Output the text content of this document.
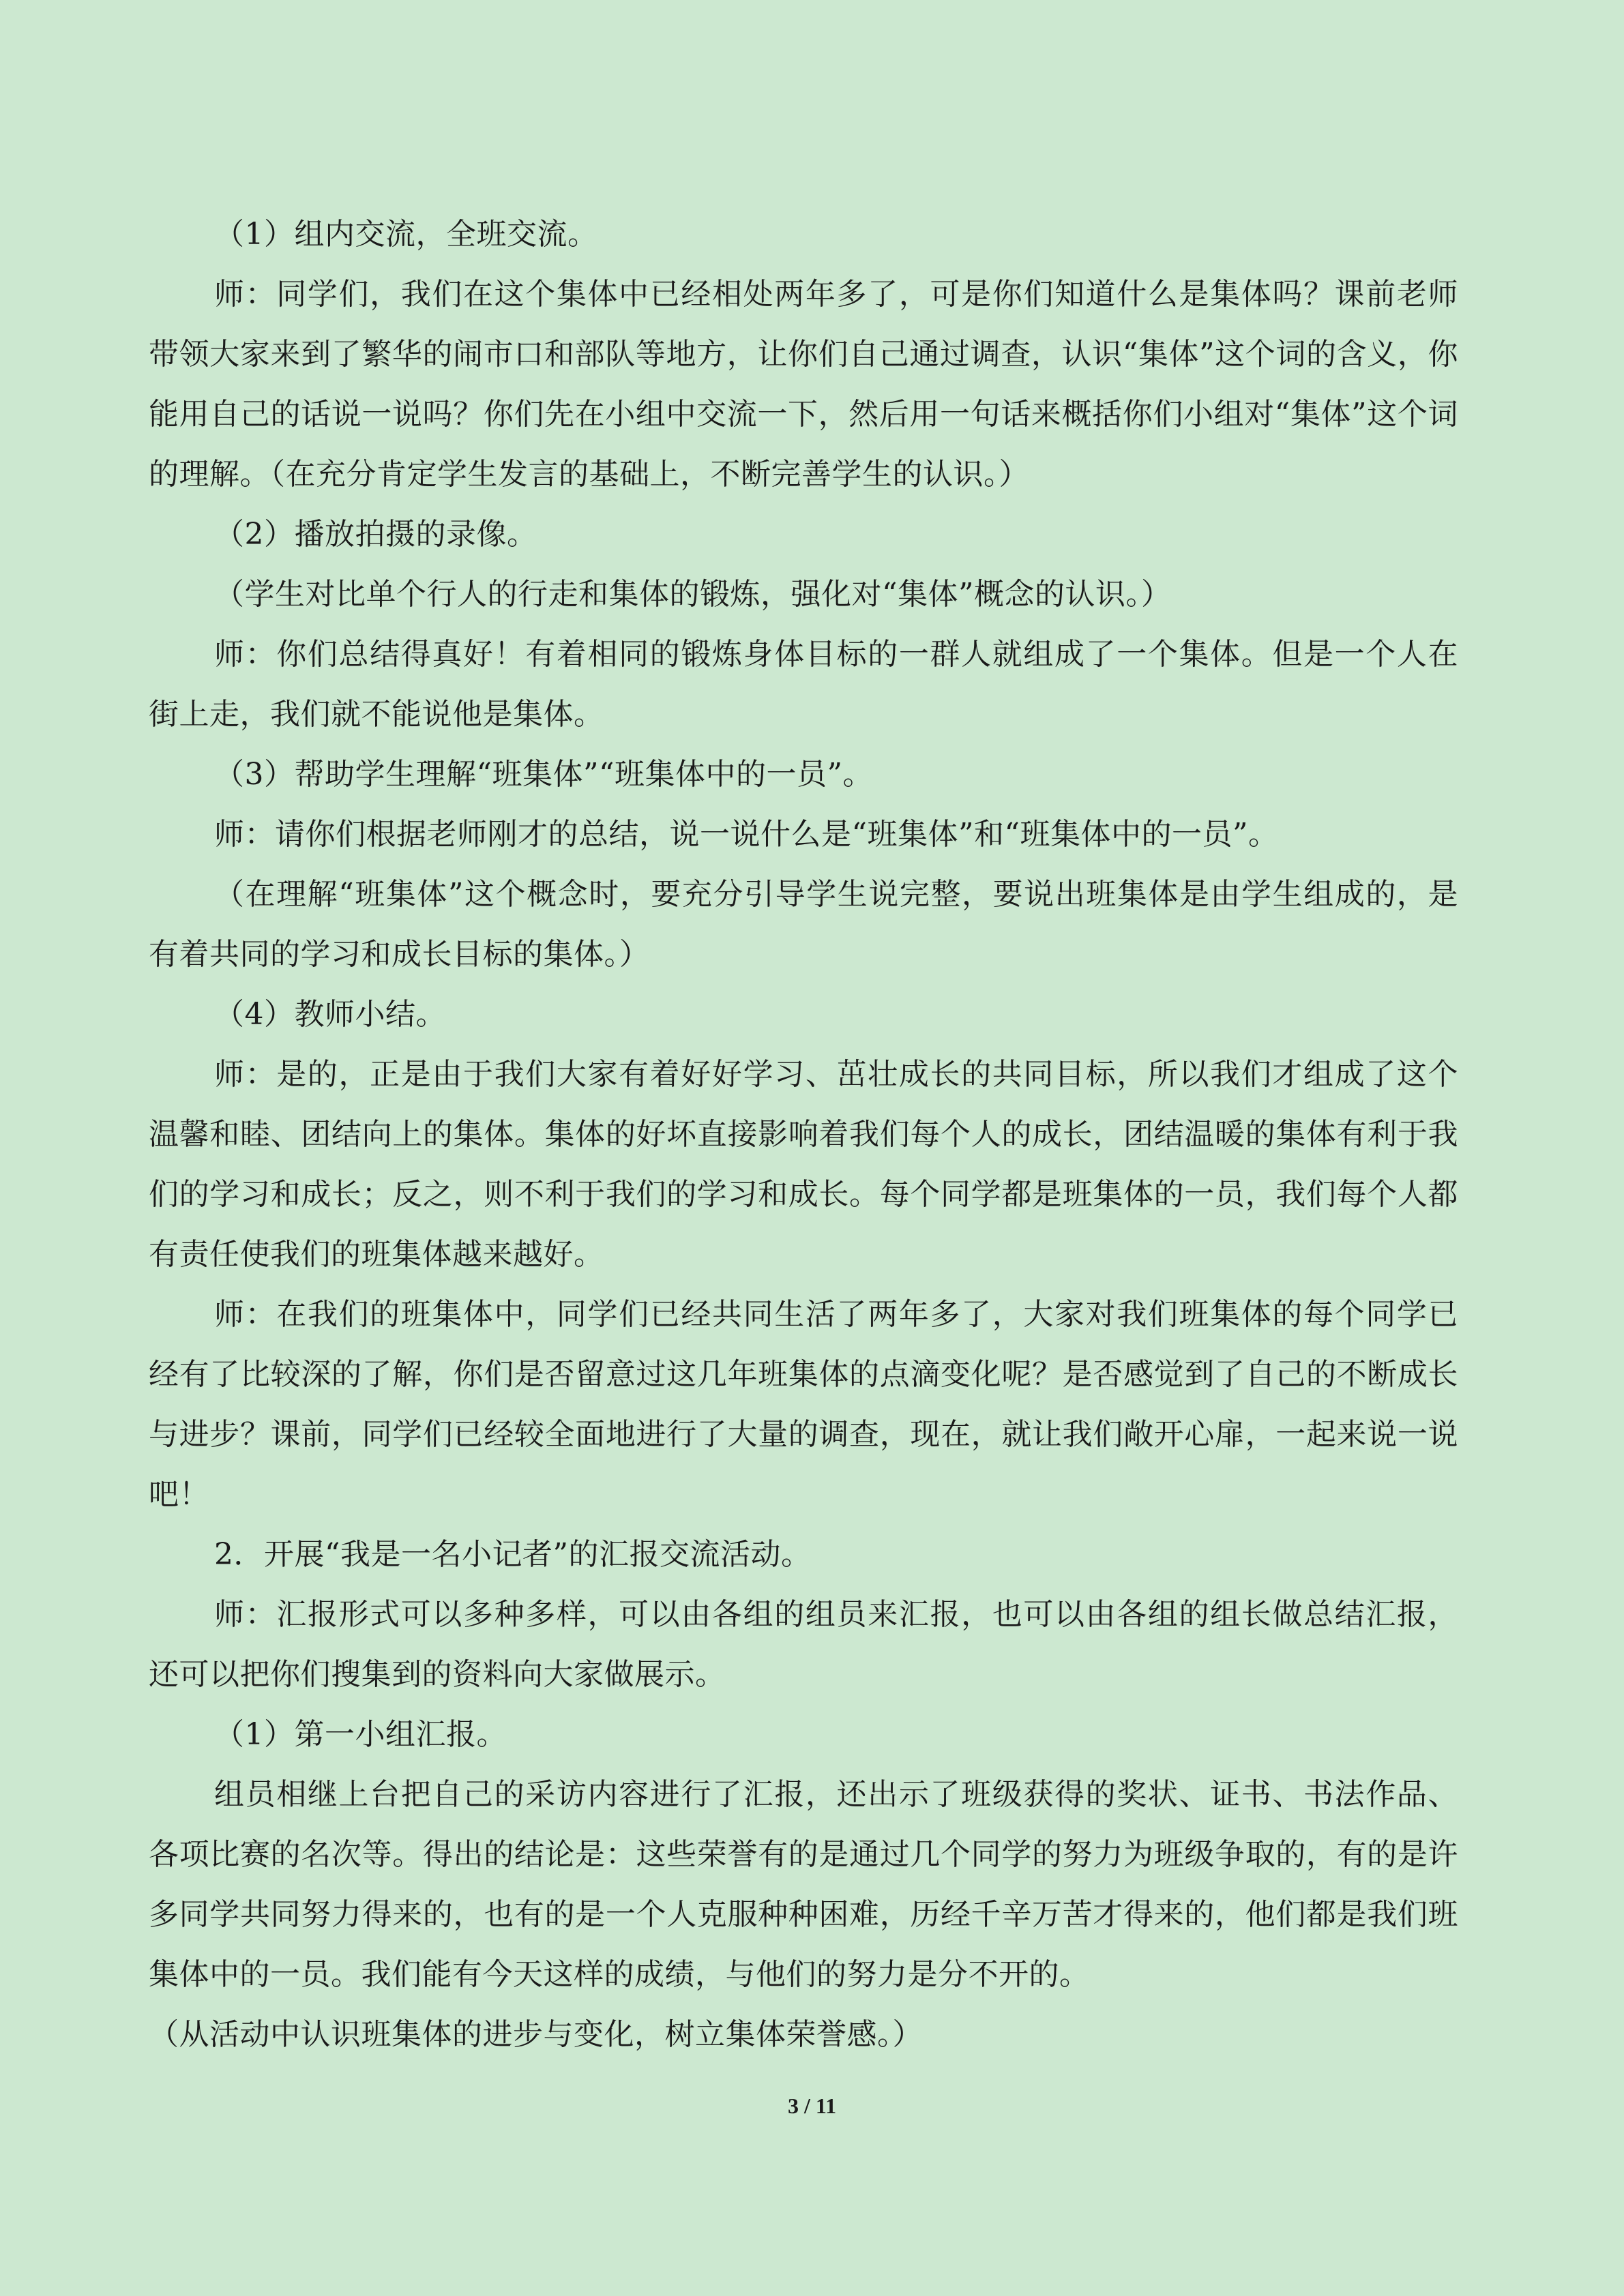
（1）组内交流，全班交流。

师：同学们，我们在这个集体中已经相处两年多了，可是你们知道什么是集体吗？课前老师带领大家来到了繁华的闹市口和部队等地方，让你们自己通过调查，认识“集体”这个词的含义，你能用自己的话说一说吗？你们先在小组中交流一下，然后用一句话来概括你们小组对“集体”这个词的理解。（在充分肯定学生发言的基础上，不断完善学生的认识。）

（2）播放拍摄的录像。

（学生对比单个行人的行走和集体的锻炼，强化对“集体”概念的认识。）

师：你们总结得真好！有着相同的锻炼身体目标的一群人就组成了一个集体。但是一个人在街上走，我们就不能说他是集体。

（3）帮助学生理解“班集体”“班集体中的一员”。

师：请你们根据老师刚才的总结，说一说什么是“班集体”和“班集体中的一员”。

（在理解“班集体”这个概念时，要充分引导学生说完整，要说出班集体是由学生组成的，是有着共同的学习和成长目标的集体。）

（4）教师小结。

师：是的，正是由于我们大家有着好好学习、茁壮成长的共同目标，所以我们才组成了这个温馨和睦、团结向上的集体。集体的好坏直接影响着我们每个人的成长，团结温暖的集体有利于我们的学习和成长；反之，则不利于我们的学习和成长。每个同学都是班集体的一员，我们每个人都有责任使我们的班集体越来越好。

师：在我们的班集体中，同学们已经共同生活了两年多了，大家对我们班集体的每个同学已经有了比较深的了解，你们是否留意过这几年班集体的点滴变化呢？是否感觉到了自己的不断成长与进步？课前，同学们已经较全面地进行了大量的调查，现在，就让我们敞开心扉，一起来说一说吧！

2．开展“我是一名小记者”的汇报交流活动。

师：汇报形式可以多种多样，可以由各组的组员来汇报，也可以由各组的组长做总结汇报，还可以把你们搜集到的资料向大家做展示。

（1）第一小组汇报。

组员相继上台把自己的采访内容进行了汇报，还出示了班级获得的奖状、证书、书法作品、各项比赛的名次等。得出的结论是：这些荣誉有的是通过几个同学的努力为班级争取的，有的是许多同学共同努力得来的，也有的是一个人克服种种困难，历经千辛万苦才得来的，他们都是我们班集体中的一员。我们能有今天这样的成绩，与他们的努力是分不开的。

（从活动中认识班集体的进步与变化，树立集体荣誉感。）

3 / 11
